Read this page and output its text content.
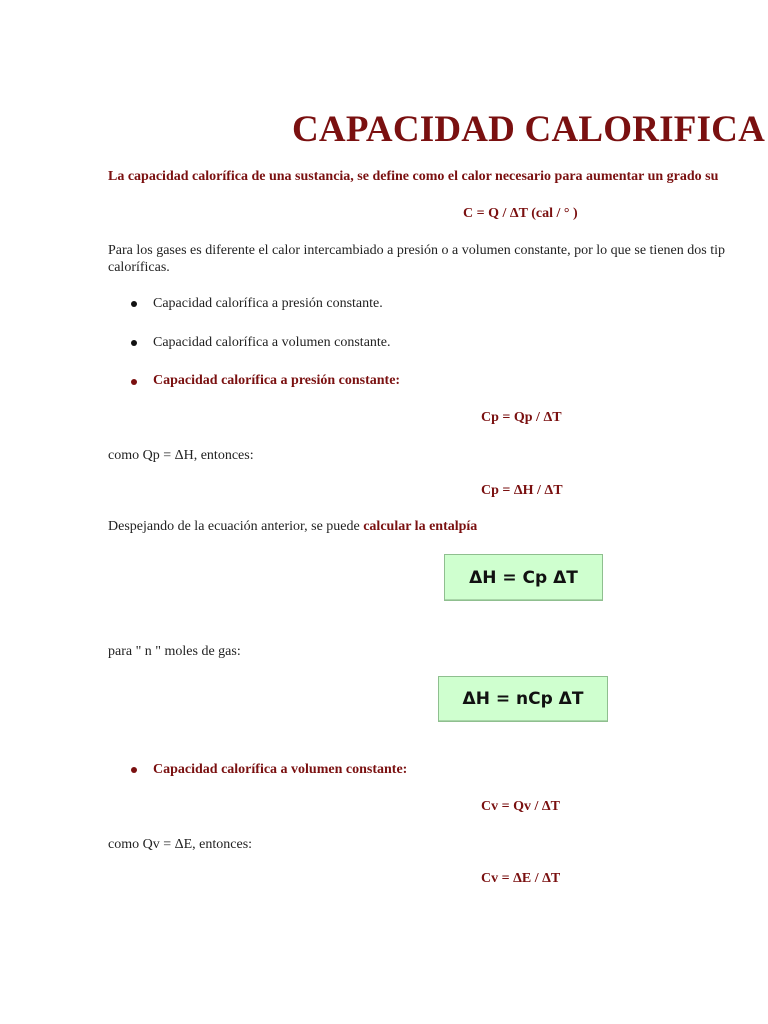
CAPACIDAD CALORIFICA
La capacidad calorífica de una sustancia, se define como el calor necesario para aumentar un grado su
C = Q / ΔT (cal / ° )
Para los gases es diferente el calor intercambiado a presión o a volumen constante, por lo que se tienen dos tip
caloríficas.
Capacidad calorífica a presión constante.
Capacidad calorífica a volumen constante.
Capacidad calorífica a presión constante:
Cp = Qp / ΔT
como Qp = ΔH, entonces:
Cp = ΔH / ΔT
Despejando de la ecuación anterior, se puede calcular la entalpía
ΔH = Cp ΔT
para " n " moles de gas:
ΔH = nCp ΔT
Capacidad calorífica a volumen constante:
Cv = Qv / ΔT
como Qv = ΔE, entonces:
Cv = ΔE / ΔT
